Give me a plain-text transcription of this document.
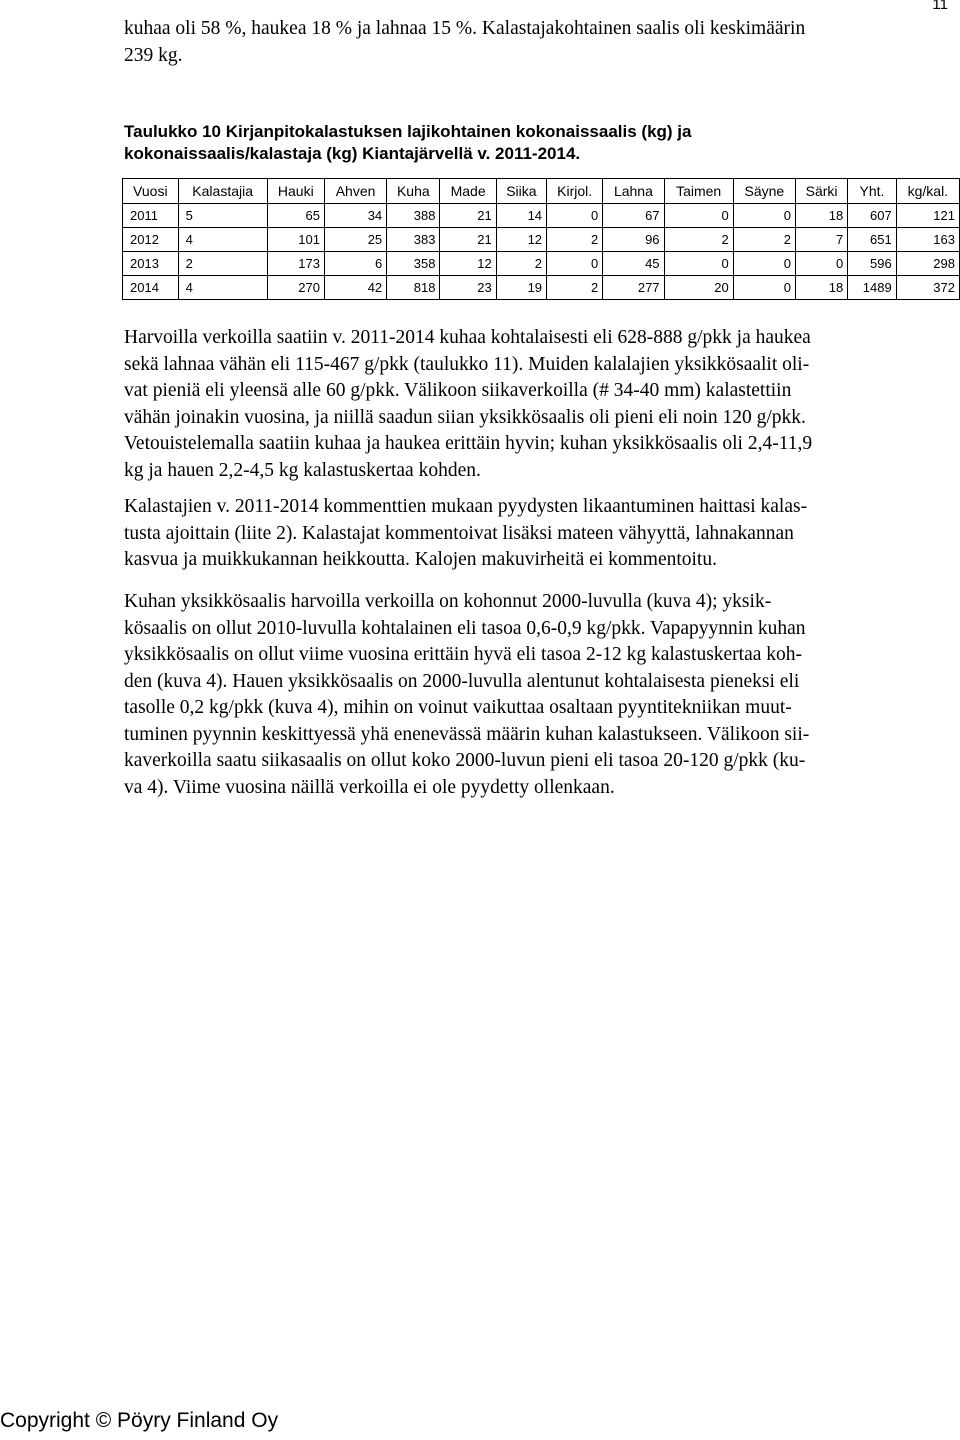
11

kuhaa oli 58 %, haukea 18 % ja lahnaa 15 %. Kalastajakohtainen saalis oli keskimäärin
239 kg.

Taulukko 10 Kirjanpitokalastuksen lajikohtainen kokonaissaalis (kg) ja
kokonaissaalis/kalastaja (kg) Kiantajärvellä v. 2011-2014.

Vuosi	Kalastajia	Hauki	Ahven	Kuha	Made	Siika	Kirjol.	Lahna	Taimen	Säyne	Särki	Yht.	kg/kal.
2011	5	65	34	388	21	14	0	67	0	0	18	607	121
2012	4	101	25	383	21	12	2	96	2	2	7	651	163
2013	2	173	6	358	12	2	0	45	0	0	0	596	298
2014	4	270	42	818	23	19	2	277	20	0	18	1489	372

Harvoilla verkoilla saatiin v. 2011-2014 kuhaa kohtalaisesti eli 628-888 g/pkk ja haukea
sekä lahnaa vähän eli 115-467 g/pkk (taulukko 11). Muiden kalalajien yksikkösaalit oli-
vat pieniä eli yleensä alle 60 g/pkk. Välikoon siikaverkoilla (# 34-40 mm) kalastettiin
vähän joinakin vuosina, ja niillä saadun siian yksikkösaalis oli pieni eli noin 120 g/pkk.
Vetouistelemalla saatiin kuhaa ja haukea erittäin hyvin; kuhan yksikkösaalis oli 2,4-11,9
kg ja hauen 2,2-4,5 kg kalastuskertaa kohden.

Kalastajien v. 2011-2014 kommenttien mukaan pyydysten likaantuminen haittasi kalas-
tusta ajoittain (liite 2). Kalastajat kommentoivat lisäksi mateen vähyyttä, lahnakannan
kasvua ja muikkukannan heikkoutta. Kalojen makuvirheitä ei kommentoitu.

Kuhan yksikkösaalis harvoilla verkoilla on kohonnut 2000-luvulla (kuva 4); yksik-
kösaalis on ollut 2010-luvulla kohtalainen eli tasoa 0,6-0,9 kg/pkk. Vapapyynnin kuhan
yksikkösaalis on ollut viime vuosina erittäin hyvä eli tasoa 2-12 kg kalastuskertaa koh-
den (kuva 4). Hauen yksikkösaalis on 2000-luvulla alentunut kohtalaisesta pieneksi eli
tasolle 0,2 kg/pkk (kuva 4), mihin on voinut vaikuttaa osaltaan pyyntitekniikan muut-
tuminen pyynnin keskittyessä yhä enenevässä määrin kuhan kalastukseen. Välikoon sii-
kaverkoilla saatu siikasaalis on ollut koko 2000-luvun pieni eli tasoa 20-120 g/pkk (ku-
va 4). Viime vuosina näillä verkoilla ei ole pyydetty ollenkaan.

Copyright © Pöyry Finland Oy
